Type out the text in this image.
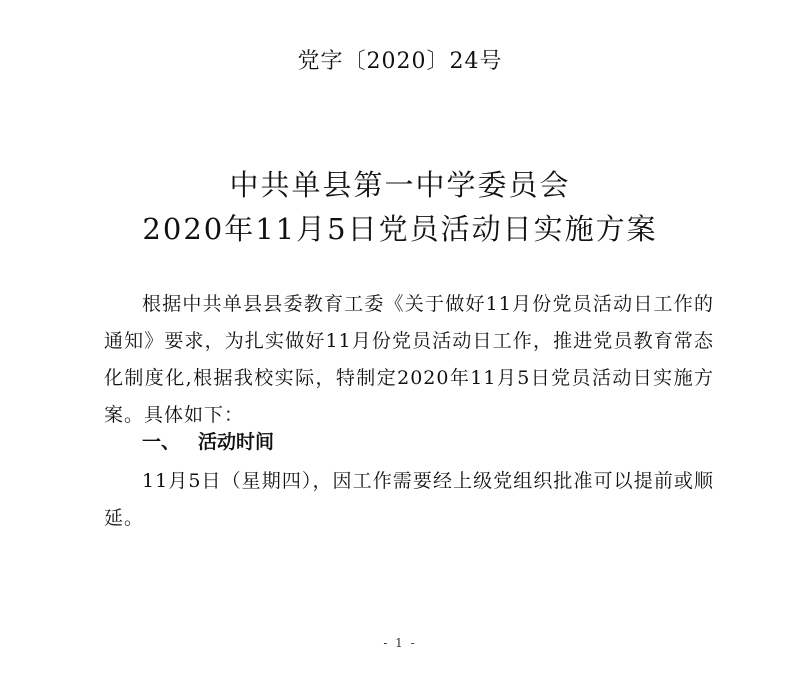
党字〔2020〕24号
中共单县第一中学委员会
2020年11月5日党员活动日实施方案

根据中共单县县委教育工委《关于做好11月份党员活动日工作的通知》要求，为扎实做好11月份党员活动日工作，推进党员教育常态化制度化,根据我校实际，特制定2020年11月5日党员活动日实施方案。具体如下：

一、 活动时间

11月5日（星期四），因工作需要经上级党组织批准可以提前或顺延。

- 1 -
